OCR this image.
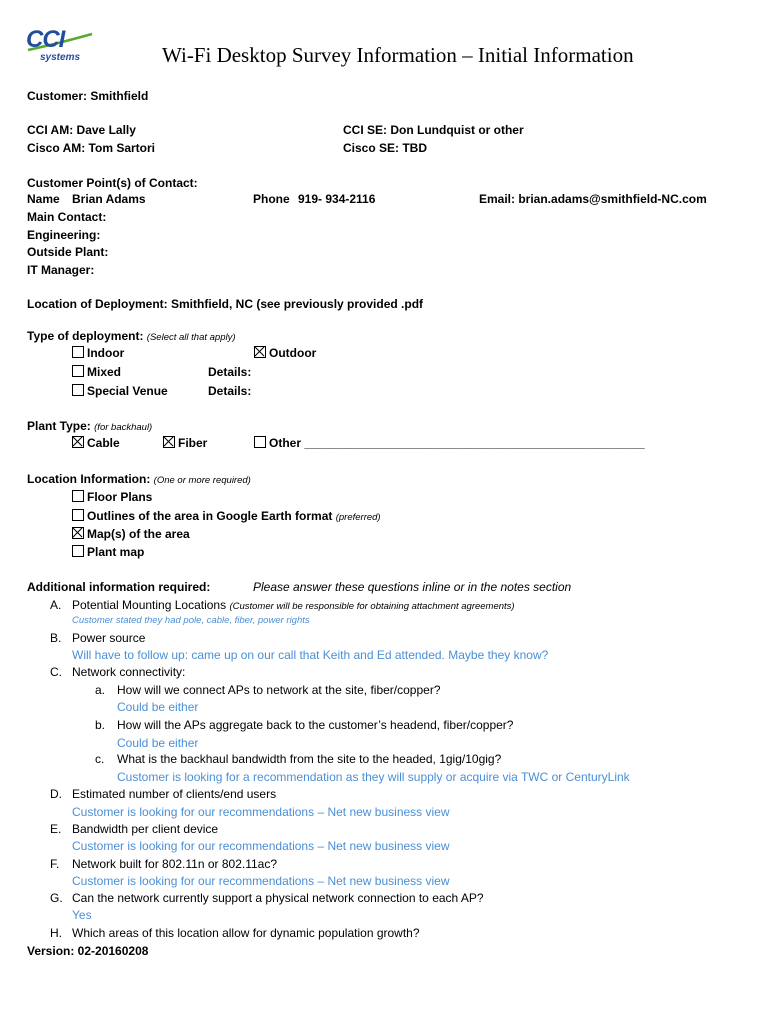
CCI
systems	Wi-Fi Desktop Survey Information – Initial Information
Customer: Smithfield
CCI AM: Dave Lally	CCI SE: Don Lundquist or other
Cisco AM: Tom Sartori	Cisco SE: TBD
Customer Point(s) of Contact:
Name Brian Adams	Phone 919- 934-2116	Email: brian.adams@smithfield-NC.com
Main Contact:
Engineering:
Outside Plant:
IT Manager:
Location of Deployment: Smithfield, NC (see previously provided .pdf
Type of deployment: (Select all that apply)
Indoor	Outdoor
Mixed	Details:
Special Venue	Details:
Plant Type: (for backhaul)
Cable	Fiber	Other ___________________________________________________
Location Information: (One or more required)
Floor Plans
Outlines of the area in Google Earth format (preferred)
Map(s) of the area
Plant map
Additional information required:	Please answer these questions inline or in the notes section
A. Potential Mounting Locations (Customer will be responsible for obtaining attachment agreements)
Customer stated they had pole, cable, fiber, power rights
B. Power source
Will have to follow up: came up on our call that Keith and Ed attended. Maybe they know?
C. Network connectivity:
a. How will we connect APs to network at the site, fiber/copper?
Could be either
b. How will the APs aggregate back to the customer’s headend, fiber/copper?
Could be either
c. What is the backhaul bandwidth from the site to the headed, 1gig/10gig?
Customer is looking for a recommendation as they will supply or acquire via TWC or CenturyLink
D. Estimated number of clients/end users
Customer is looking for our recommendations – Net new business view
E. Bandwidth per client device
Customer is looking for our recommendations – Net new business view
F. Network built for 802.11n or 802.11ac?
Customer is looking for our recommendations – Net new business view
G. Can the network currently support a physical network connection to each AP?
Yes
H. Which areas of this location allow for dynamic population growth?
Version: 02-20160208
